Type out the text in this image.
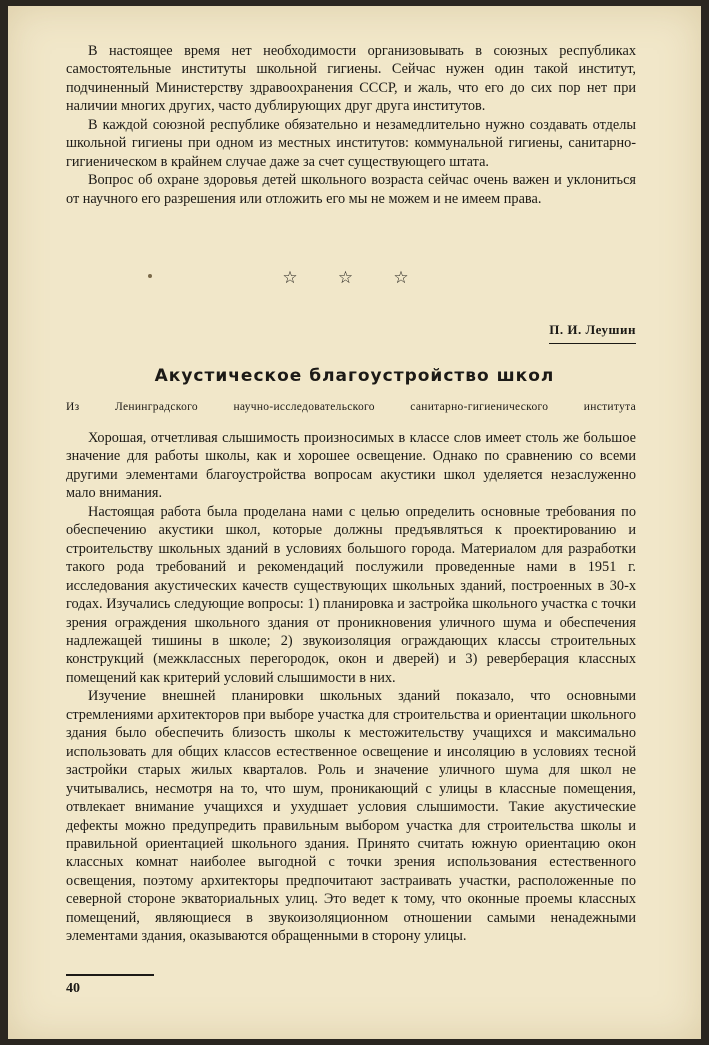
В настоящее время нет необходимости организовывать в союзных республиках самостоятельные институты школьной гигиены. Сейчас нужен один такой институт, подчиненный Министерству здравоохранения СССР, и жаль, что его до сих пор нет при наличии многих других, часто дублирующих друг друга институтов.

В каждой союзной республике обязательно и незамедлительно нужно создавать отделы школьной гигиены при одном из местных институтов: коммунальной гигиены, санитарно-гигиеническом в крайнем случае даже за счет существующего штата.

Вопрос об охране здоровья детей школьного возраста сейчас очень важен и уклониться от научного его разрешения или отложить его мы не можем и не имеем права.

☆ ☆ ☆
П. И. Леушин
Акустическое благоустройство школ
Из Ленинградского научно-исследовательского санитарно-гигиенического института

Хорошая, отчетливая слышимость произносимых в классе слов имеет столь же большое значение для работы школы, как и хорошее освещение. Однако по сравнению со всеми другими элементами благоустройства вопросам акустики школ уделяется незаслуженно мало внимания.

Настоящая работа была проделана нами с целью определить основные требования по обеспечению акустики школ, которые должны предъявляться к проектированию и строительству школьных зданий в условиях большого города. Материалом для разработки такого рода требований и рекомендаций послужили проведенные нами в 1951 г. исследования акустических качеств существующих школьных зданий, построенных в 30-х годах. Изучались следующие вопросы: 1) планировка и застройка школьного участка с точки зрения ограждения школьного здания от проникновения уличного шума и обеспечения надлежащей тишины в школе; 2) звукоизоляция ограждающих классы строительных конструкций (межклассных перегородок, окон и дверей) и 3) реверберация классных помещений как критерий условий слышимости в них.

Изучение внешней планировки школьных зданий показало, что основными стремлениями архитекторов при выборе участка для строительства и ориентации школьного здания было обеспечить близость школы к местожительству учащихся и максимально использовать для общих классов естественное освещение и инсоляцию в условиях тесной застройки старых жилых кварталов. Роль и значение уличного шума для школ не учитывались, несмотря на то, что шум, проникающий с улицы в классные помещения, отвлекает внимание учащихся и ухудшает условия слышимости. Такие акустические дефекты можно предупредить правильным выбором участка для строительства школы и правильной ориентацией школьного здания. Принято считать южную ориентацию окон классных комнат наиболее выгодной с точки зрения использования естественного освещения, поэтому архитекторы предпочитают застраивать участки, расположенные по северной стороне экваториальных улиц. Это ведет к тому, что оконные проемы классных помещений, являющиеся в звукоизоляционном отношении самыми ненадежными элементами здания, оказываются обращенными в сторону улицы.

40
